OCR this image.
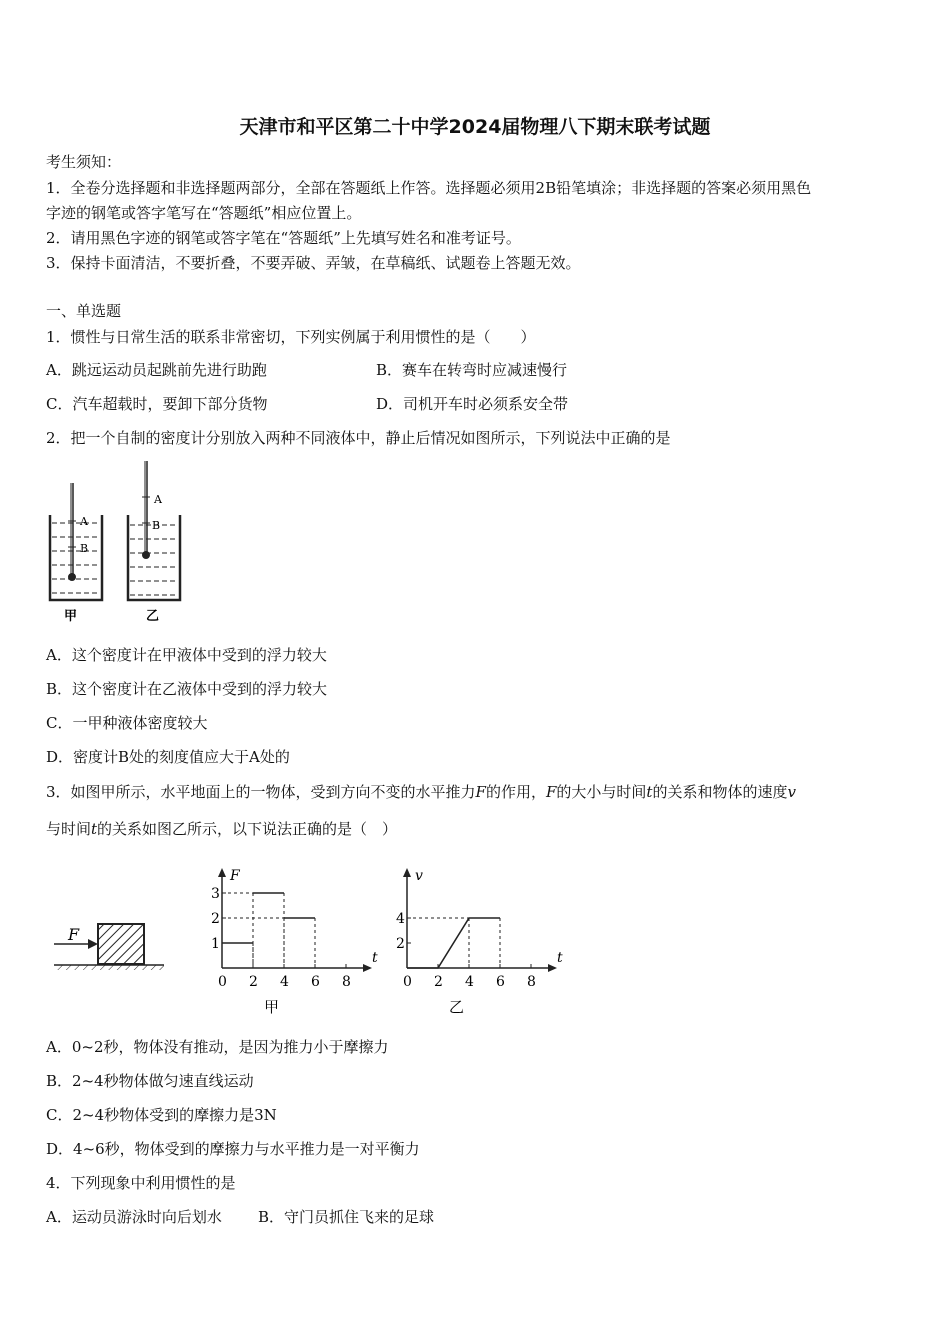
天津市和平区第二十中学2024届物理八下期末联考试题
考生须知：
1．全卷分选择题和非选择题两部分，全部在答题纸上作答。选择题必须用2B铅笔填涂；非选择题的答案必须用黑色
字迹的钢笔或答字笔写在“答题纸”相应位置上。
2．请用黑色字迹的钢笔或答字笔在“答题纸”上先填写姓名和准考证号。
3．保持卡面清洁，不要折叠，不要弄破、弄皱，在草稿纸、试题卷上答题无效。
一、单选题
1．惯性与日常生活的联系非常密切，下列实例属于利用惯性的是（　　）
A．跳远运动员起跳前先进行助跑	B．赛车在转弯时应减速慢行
C．汽车超载时，要卸下部分货物	D．司机开车时必须系安全带
2．把一个自制的密度计分别放入两种不同液体中，静止后情况如图所示，下列说法中正确的是
A
B
甲
A
B
乙
A．这个密度计在甲液体中受到的浮力较大
B．这个密度计在乙液体中受到的浮力较大
C．一甲种液体密度较大
D．密度计B处的刻度值应大于A处的
3．如图甲所示，水平地面上的一物体，受到方向不变的水平推力F的作用，F的大小与时间t的关系和物体的速度v
与时间t的关系如图乙所示，以下说法正确的是（　）
F
t
F
0 2 4 6 8
1
2
3
甲
t
v
0 2 4 6 8
2
4
乙
A．0~2秒，物体没有推动，是因为推力小于摩擦力
B．2~4秒物体做匀速直线运动
C．2~4秒物体受到的摩擦力是3N
D．4~6秒，物体受到的摩擦力与水平推力是一对平衡力
4．下列现象中利用惯性的是
A．运动员游泳时向后划水 B．守门员抓住飞来的足球
